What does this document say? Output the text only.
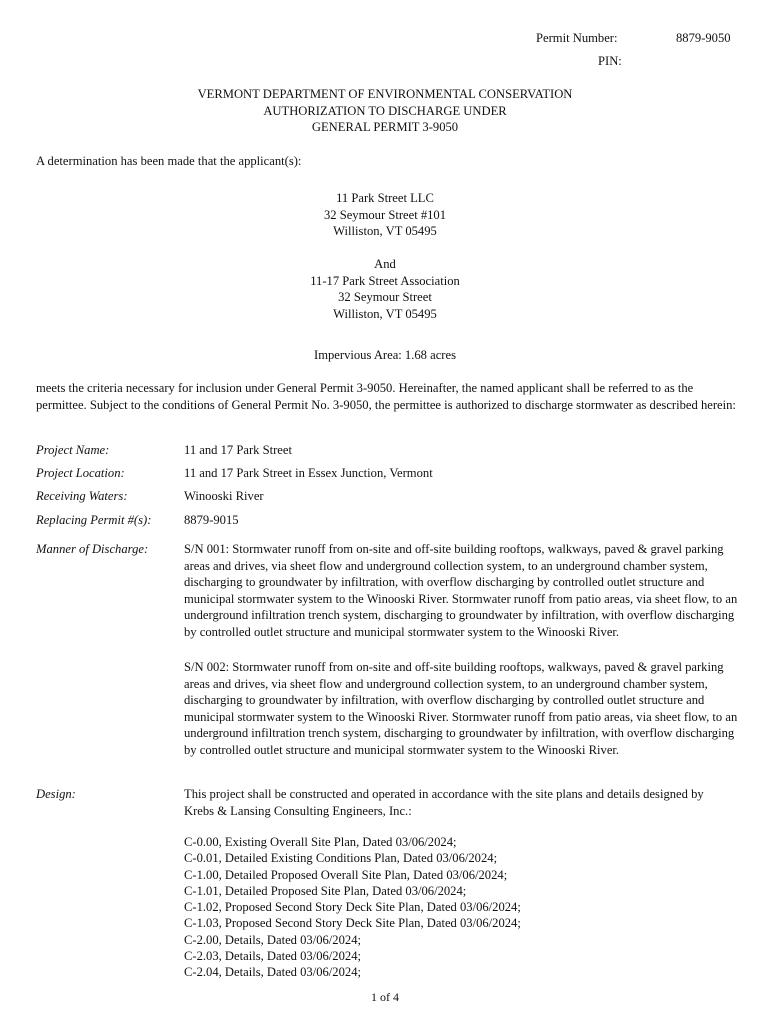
Permit Number:	8879-9050
PIN:
VERMONT DEPARTMENT OF ENVIRONMENTAL CONSERVATION
AUTHORIZATION TO DISCHARGE UNDER
GENERAL PERMIT 3-9050
A determination has been made that the applicant(s):
11 Park Street LLC
32 Seymour Street #101
Williston, VT 05495
And
11-17 Park Street Association
32 Seymour Street
Williston, VT 05495
Impervious Area: 1.68 acres
meets the criteria necessary for inclusion under General Permit 3-9050. Hereinafter, the named applicant shall be referred to as the permittee. Subject to the conditions of General Permit No. 3-9050, the permittee is authorized to discharge stormwater as described herein:
Project Name:	11 and 17 Park Street
Project Location:	11 and 17 Park Street in Essex Junction, Vermont
Receiving Waters:	Winooski River
Replacing Permit #(s):	8879-9015
Manner of Discharge:	S/N 001: Stormwater runoff from on-site and off-site building rooftops, walkways, paved & gravel parking areas and drives, via sheet flow and underground collection system, to an underground chamber system, discharging to groundwater by infiltration, with overflow discharging by controlled outlet structure and municipal stormwater system to the Winooski River. Stormwater runoff from patio areas, via sheet flow, to an underground infiltration trench system, discharging to groundwater by infiltration, with overflow discharging by controlled outlet structure and municipal stormwater system to the Winooski River.
S/N 002: Stormwater runoff from on-site and off-site building rooftops, walkways, paved & gravel parking areas and drives, via sheet flow and underground collection system, to an underground chamber system, discharging to groundwater by infiltration, with overflow discharging by controlled outlet structure and municipal stormwater system to the Winooski River. Stormwater runoff from patio areas, via sheet flow, to an underground infiltration trench system, discharging to groundwater by infiltration, with overflow discharging by controlled outlet structure and municipal stormwater system to the Winooski River.
Design:	This project shall be constructed and operated in accordance with the site plans and details designed by Krebs & Lansing Consulting Engineers, Inc.:
C-0.00, Existing Overall Site Plan, Dated 03/06/2024;
C-0.01, Detailed Existing Conditions Plan, Dated 03/06/2024;
C-1.00, Detailed Proposed Overall Site Plan, Dated 03/06/2024;
C-1.01, Detailed Proposed Site Plan, Dated 03/06/2024;
C-1.02, Proposed Second Story Deck Site Plan, Dated 03/06/2024;
C-1.03, Proposed Second Story Deck Site Plan, Dated 03/06/2024;
C-2.00, Details, Dated 03/06/2024;
C-2.03, Details, Dated 03/06/2024;
C-2.04, Details, Dated 03/06/2024;
1 of 4
